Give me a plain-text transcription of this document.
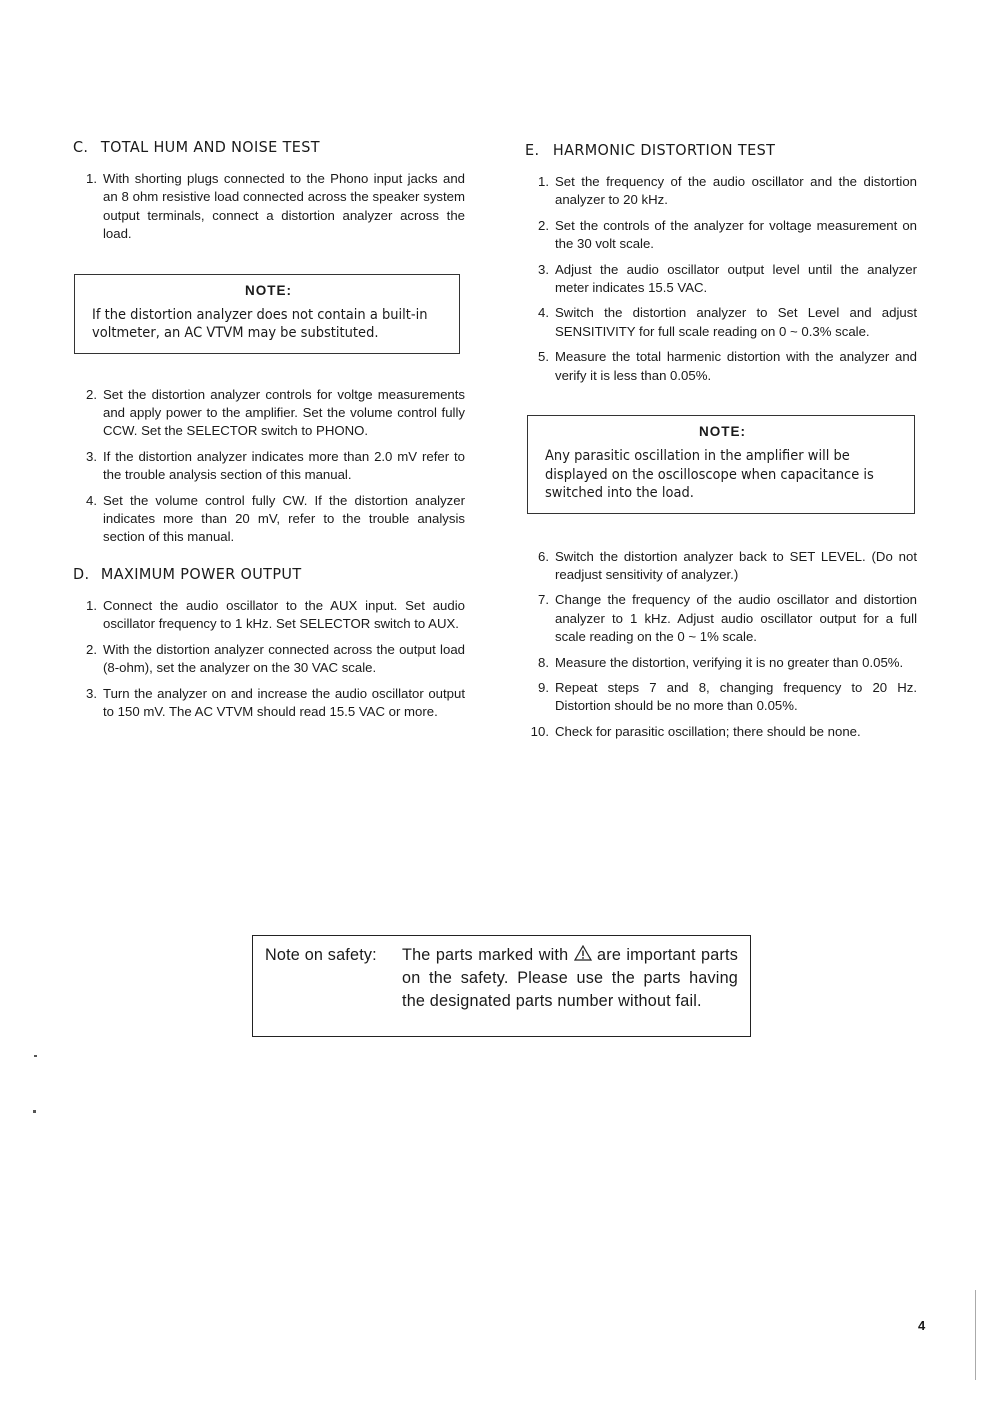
C. TOTAL HUM AND NOISE TEST
1. With shorting plugs connected to the Phono input jacks and an 8 ohm resistive load connected across the speaker system output terminals, connect a distortion analyzer across the load.
NOTE:
If the distortion analyzer does not contain a built-in voltmeter, an AC VTVM may be substituted.
2. Set the distortion analyzer controls for voltge measurements and apply power to the amplifier. Set the volume control fully CCW. Set the SELECTOR switch to PHONO.
3. If the distortion analyzer indicates more than 2.0 mV refer to the trouble analysis section of this manual.
4. Set the volume control fully CW. If the distortion analyzer indicates more than 20 mV, refer to the trouble analysis section of this manual.
D. MAXIMUM POWER OUTPUT
1. Connect the audio oscillator to the AUX input. Set audio oscillator frequency to 1 kHz. Set SELECTOR switch to AUX.
2. With the distortion analyzer connected across the output load (8-ohm), set the analyzer on the 30 VAC scale.
3. Turn the analyzer on and increase the audio oscillator output to 150 mV. The AC VTVM should read 15.5 VAC or more.
E. HARMONIC DISTORTION TEST
1. Set the frequency of the audio oscillator and the distortion analyzer to 20 kHz.
2. Set the controls of the analyzer for voltage measurement on the 30 volt scale.
3. Adjust the audio oscillator output level until the analyzer meter indicates 15.5 VAC.
4. Switch the distortion analyzer to Set Level and adjust SENSITIVITY for full scale reading on 0 ~ 0.3% scale.
5. Measure the total harmenic distortion with the analyzer and verify it is less than 0.05%.
NOTE:
Any parasitic oscillation in the amplifier will be displayed on the oscilloscope when capacitance is switched into the load.
6. Switch the distortion analyzer back to SET LEVEL. (Do not readjust sensitivity of analyzer.)
7. Change the frequency of the audio oscillator and distortion analyzer to 1 kHz. Adjust audio oscillator output for a full scale reading on the 0 ~ 1% scale.
8. Measure the distortion, verifying it is no greater than 0.05%.
9. Repeat steps 7 and 8, changing frequency to 20 Hz. Distortion should be no more than 0.05%.
10. Check for parasitic oscillation; there should be none.
Note on safety: The parts marked with are important parts on the safety. Please use the parts having the designated parts number without fail.
4
